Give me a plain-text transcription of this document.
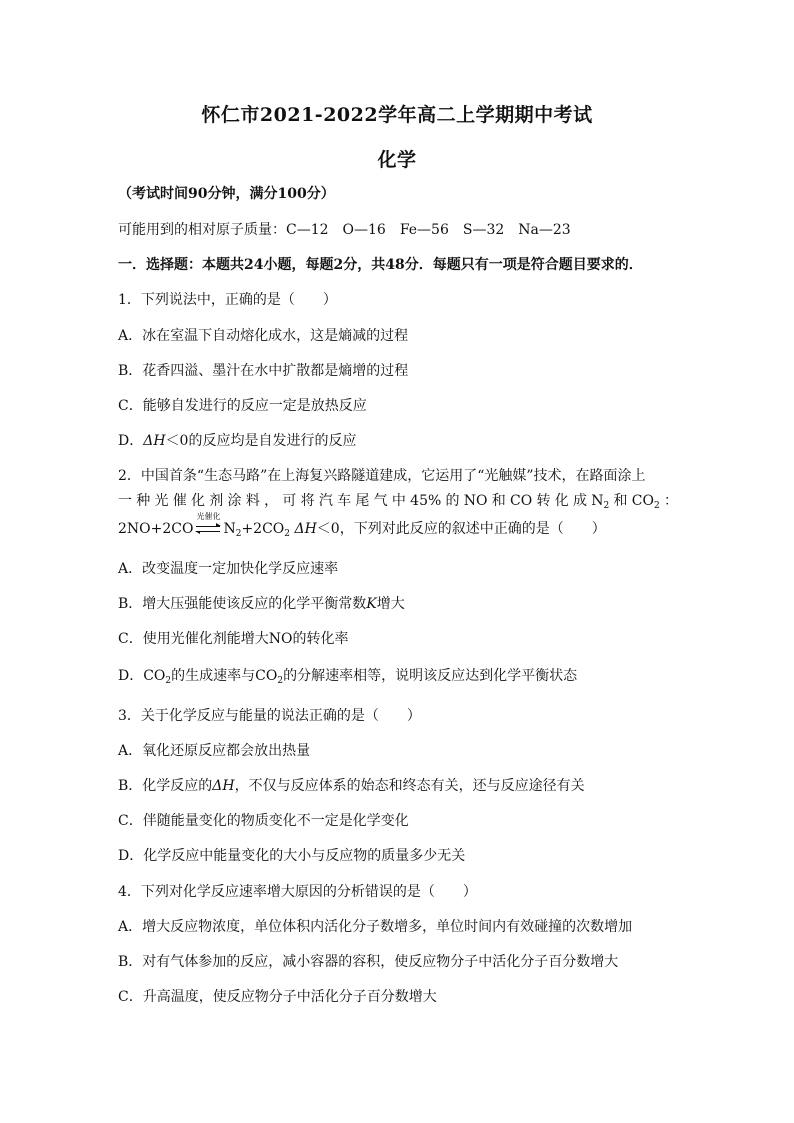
怀仁市2021-2022学年高二上学期期中考试
化学
（考试时间90分钟，满分100分）
可能用到的相对原子质量：C—12　O—16　Fe—56　S—32　Na—23
一．选择题：本题共24小题，每题2分，共48分．每题只有一项是符合题目要求的．
1．下列说法中，正确的是（　　）
A．冰在室温下自动熔化成水，这是熵减的过程
B．花香四溢、墨汁在水中扩散都是熵增的过程
C．能够自发进行的反应一定是放热反应
D．ΔH＜0的反应均是自发进行的反应
2．中国首条“生态马路”在上海复兴路隧道建成，它运用了“光触媒”技术，在路面涂上
一种光催化剂涂料，可将汽车尾气中45%的NO和CO转化成$N_2$和$CO_2$：
2NO+2CO
光催化
$N_2+2CO_2$ ΔH＜0，下列对此反应的叙述中正确的是（　　）
A．改变温度一定加快化学反应速率
B．增大压强能使该反应的化学平衡常数K增大
C．使用光催化剂能增大NO的转化率
D．$CO_2$的生成速率与$CO_2$的分解速率相等，说明该反应达到化学平衡状态
3．关于化学反应与能量的说法正确的是（　　）
A．氧化还原反应都会放出热量
B．化学反应的ΔH，不仅与反应体系的始态和终态有关，还与反应途径有关
C．伴随能量变化的物质变化不一定是化学变化
D．化学反应中能量变化的大小与反应物的质量多少无关
4．下列对化学反应速率增大原因的分析错误的是（　　）
A．增大反应物浓度，单位体积内活化分子数增多，单位时间内有效碰撞的次数增加
B．对有气体参加的反应，减小容器的容积，使反应物分子中活化分子百分数增大
C．升高温度，使反应物分子中活化分子百分数增大
